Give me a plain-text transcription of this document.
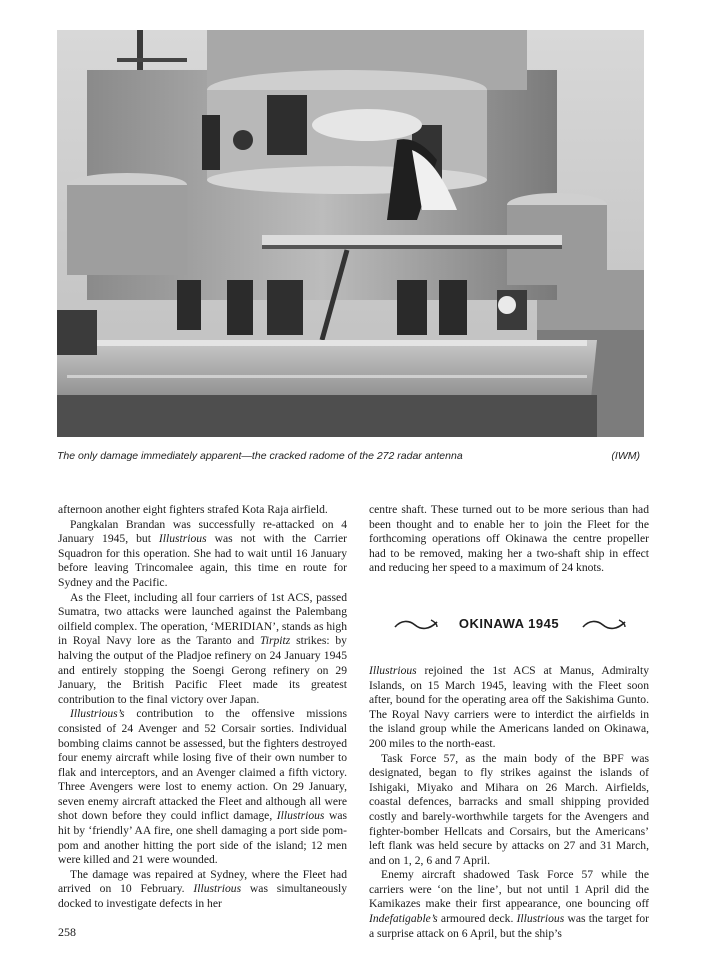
The only damage immediately apparent—the cracked radome of the 272 radar antenna	(IWM)

afternoon another eight fighters strafed Kota Raja airfield.

Pangkalan Brandan was successfully re-attacked on 4 January 1945, but Illustrious was not with the Carrier Squadron for this operation. She had to wait until 16 January before leaving Trincomalee again, this time en route for Sydney and the Pacific.

As the Fleet, including all four carriers of 1st ACS, passed Sumatra, two attacks were launched against the Palembang oilfield complex. The operation, ‘MERIDIAN’, stands as high in Royal Navy lore as the Taranto and Tirpitz strikes: by halving the output of the Pladjoe refinery on 24 January 1945 and entirely stopping the Soengi Gerong refinery on 29 January, the British Pacific Fleet made its greatest contribution to the final victory over Japan.

Illustrious’s contribution to the offensive missions consisted of 24 Avenger and 52 Corsair sorties. Individual bombing claims cannot be assessed, but the fighters destroyed four enemy aircraft while losing five of their own number to flak and interceptors, and an Avenger claimed a fifth victory. Three Avengers were lost to enemy action. On 29 January, seven enemy aircraft attacked the Fleet and although all were shot down before they could inflict damage, Illustrious was hit by ‘friendly’ AA fire, one shell damaging a port side pom-pom and another hitting the port side of the island; 12 men were killed and 21 were wounded.

The damage was repaired at Sydney, where the Fleet had arrived on 10 February. Illustrious was simultaneously docked to investigate defects in her

centre shaft. These turned out to be more serious than had been thought and to enable her to join the Fleet for the forthcoming operations off Okinawa the centre propeller had to be removed, making her a two-shaft ship in effect and reducing her speed to a maximum of 24 knots.

OKINAWA 1945

Illustrious rejoined the 1st ACS at Manus, Admiralty Islands, on 15 March 1945, leaving with the Fleet soon after, bound for the operating area off the Sakishima Gunto. The Royal Navy carriers were to interdict the airfields in the island group while the Americans landed on Okinawa, 200 miles to the north-east.

Task Force 57, as the main body of the BPF was designated, began to fly strikes against the islands of Ishigaki, Miyako and Mihara on 26 March. Airfields, coastal defences, barracks and small shipping provided costly and barely-worthwhile targets for the Avengers and fighter-bomber Hellcats and Corsairs, but the Americans’ left flank was held secure by attacks on 27 and 31 March, and on 1, 2, 6 and 7 April.

Enemy aircraft shadowed Task Force 57 while the carriers were ‘on the line’, but not until 1 April did the Kamikazes make their first appearance, one bouncing off Indefatigable’s armoured deck. Illustrious was the target for a surprise attack on 6 April, but the ship’s

258
